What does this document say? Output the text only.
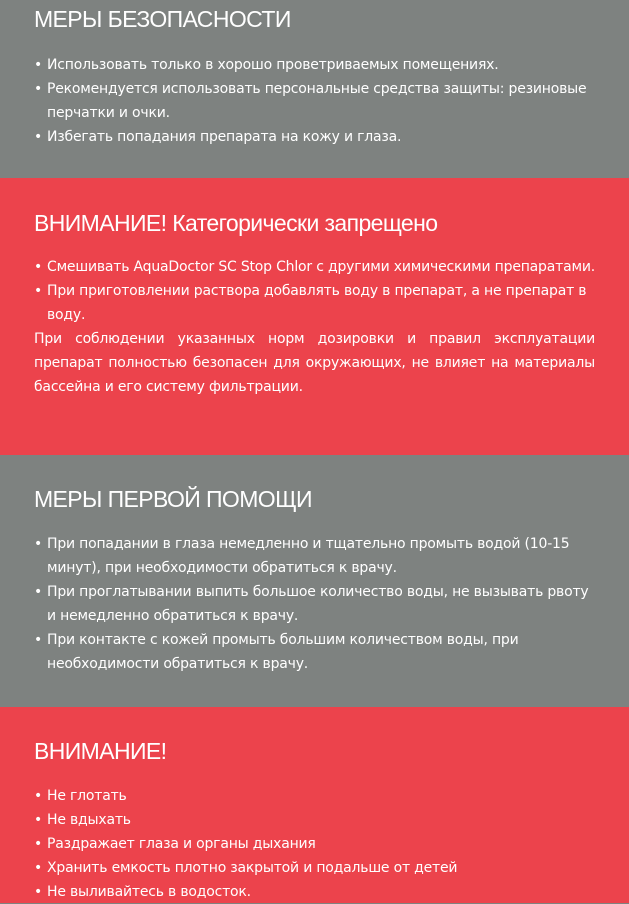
МЕРЫ БЕЗОПАСНОСТИ
• Использовать только в хорошо проветриваемых помещениях.
• Рекомендуется использовать персональные средства защиты: резиновые перчатки и очки.
• Избегать попадания препарата на кожу и глаза.
ВНИМАНИЕ! Категорически запрещено
• Смешивать AquaDoctor SC Stop Chlor с другими химическими препаратами.
• При приготовлении раствора добавлять воду в препарат, а не препарат в воду.

При соблюдении указанных норм дозировки и правил эксплуатации препарат полностью безопасен для окружающих, не влияет на материалы бассейна и его систему фильтрации.

МЕРЫ ПЕРВОЙ ПОМОЩИ
• При попадании в глаза немедленно и тщательно промыть водой (10-15 минут), при необходимости обратиться к врачу.
• При проглатывании выпить большое количество воды, не вызывать рвоту и немедленно обратиться к врачу.
• При контакте с кожей промыть большим количеством воды, при необходимости обратиться к врачу.
ВНИМАНИЕ!
• Не глотать
• Не вдыхать
• Раздражает глаза и органы дыхания
• Хранить емкость плотно закрытой и подальше от детей
• Не выливайтесь в водосток.
